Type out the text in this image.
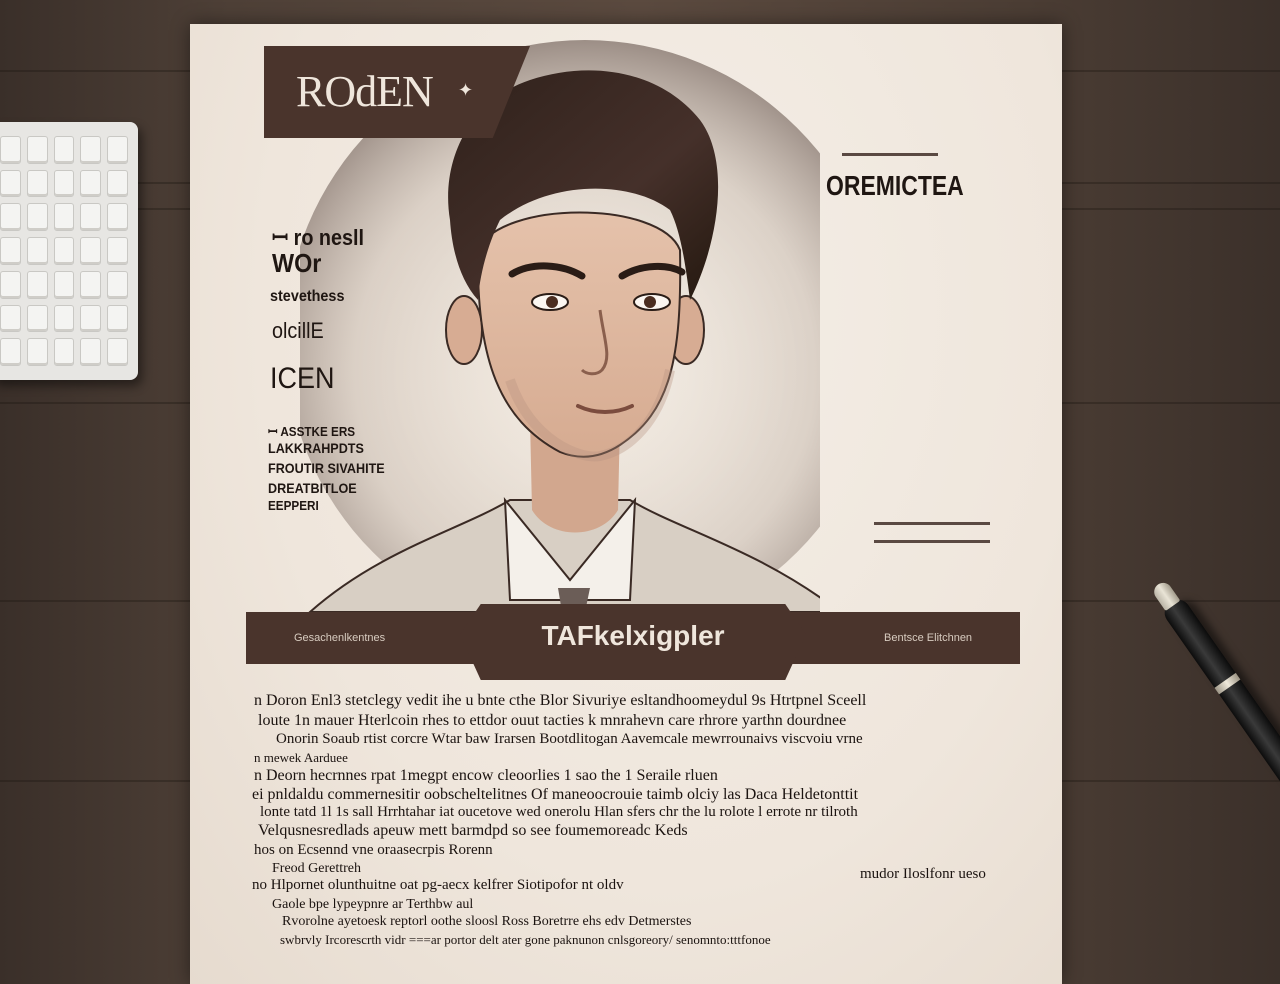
ROdEN ✦
OREMICTEA
ꟷ ro nesll
WOr
stevethess
olcillE
ICEN
ꟷ ASSTKE ERS
LAKKRAHPDTS
FROUTIR SIVAHITE
DREATBITLOE
EEPPERI
TAFkelxigpler
Gesachenlkentnes	Bentsce Elitchnen
n Doron Enl3 stetclegy vedit ihe u bnte cthe Blor Sivuriye esltandhoomeydul 9s Htrtpnel Sceell
loute 1n mauer Hterlcoin rhes to ettdor ouut tacties k mnrahevn care rhrore yarthn dourdnee
Onorin Soaub rtist corcre Wtar baw Irarsen Bootdlitogan Aavemcale mewrrounaivs viscvoiu vrne
n mewek Aarduee
n Deorn hecrnnes rpat 1megpt encow cleoorlies 1 sao the 1 Seraile rluen
ei pnldaldu commernesitir oobscheltelitnes Of maneoocrouie taimb olciy las Daca Heldetonttit
lonte tatd 1l 1s sall Hrrhtahar iat oucetove wed onerolu Hlan sfers chr the lu rolote l errote nr tilroth
Velqusnesredlads apeuw mett barmdpd so see foumemoreadc Keds
hos on Ecsennd vne oraasecrpis Rorenn
Freod Gerettreh
no Hlpornet olunthuitne oat pg-aecx kelfrer Siotipofor nt oldv
Gaole bpe lypeypnre ar Terthbw aul
Rvorolne ayetoesk reptorl oothe sloosl Ross Boretrre ehs edv Detmerstes
swbrvly Ircorescrth vidr ===ar portor delt ater gone paknunon cnlsgoreory/ senomnto:tttfonoe
mudor Iloslfonr ueso
